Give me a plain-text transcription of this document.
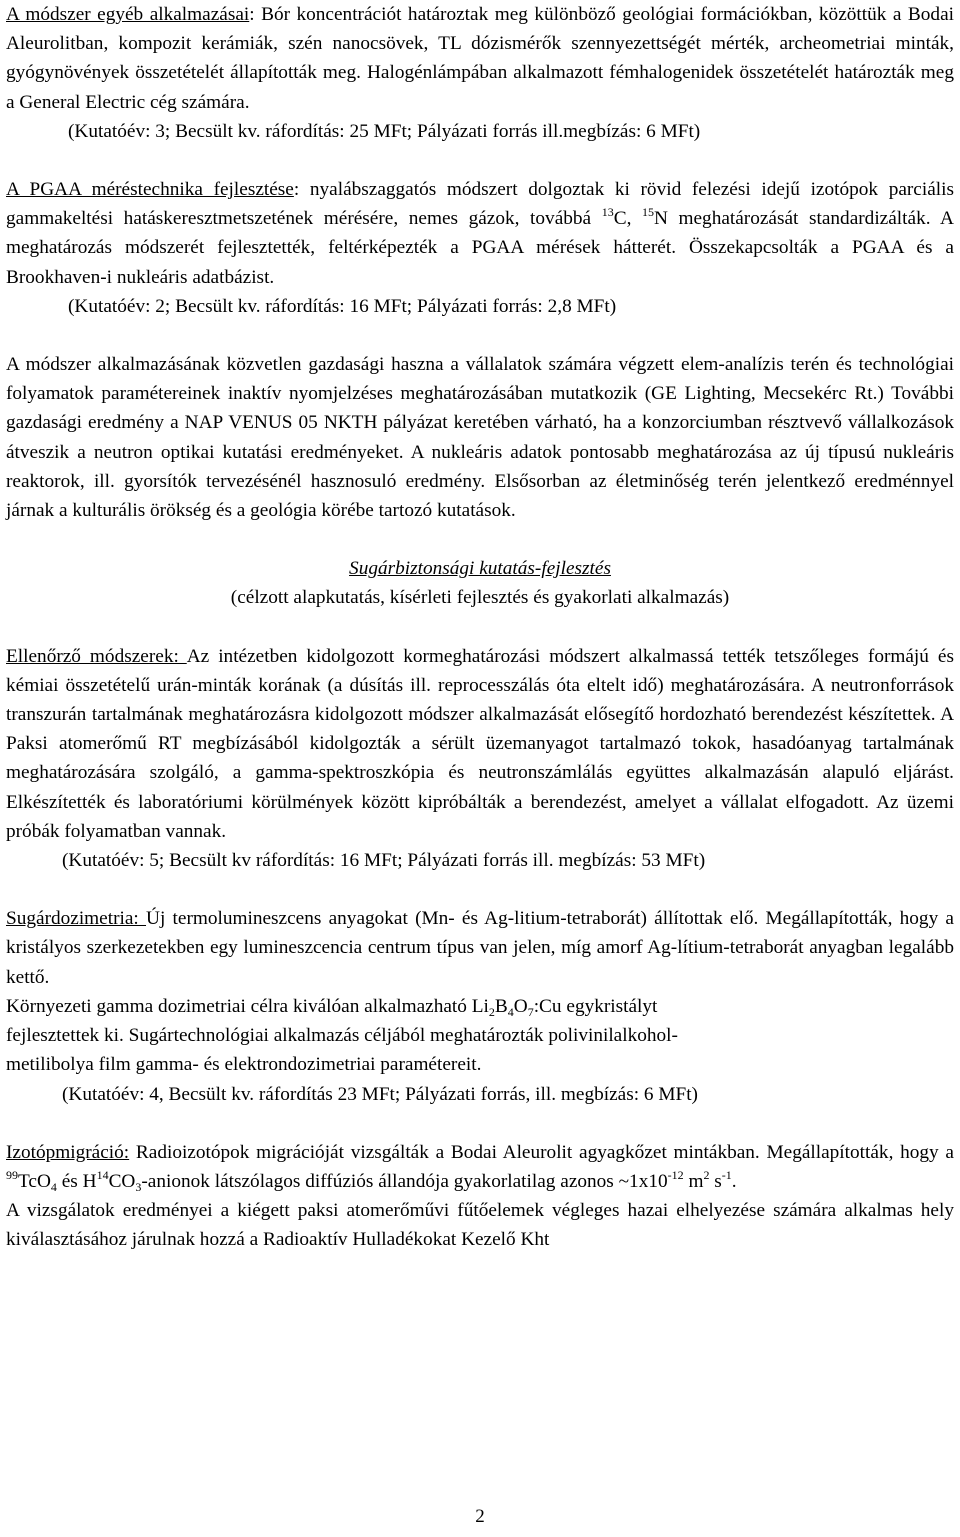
A módszer egyéb alkalmazásai: Bór koncentrációt határoztak meg különböző geológiai formációkban, közöttük a Bodai Aleurolitban, kompozit kerámiák, szén nanocsövek, TL dózismérők szennyezettségét mérték, archeometriai minták, gyógynövények összetételét állapították meg. Halogénlámpában alkalmazott fémhalogenidek összetételét határozták meg a General Electric cég számára.

(Kutatóév: 3; Becsült kv. ráfordítás: 25 MFt; Pályázati forrás ill.megbízás: 6 MFt)

A PGAA méréstechnika fejlesztése: nyalábszaggatós módszert dolgoztak ki rövid felezési idejű izotópok parciális gammakeltési hatáskeresztmetszetének mérésére, nemes gázok, továbbá $^{13}$C, $^{15}$N meghatározását standardizálták. A meghatározás módszerét fejlesztették, feltérképezték a PGAA mérések hátterét. Összekapcsolták a PGAA és a Brookhaven-i nukleáris adatbázist.

(Kutatóév: 2; Becsült kv. ráfordítás: 16 MFt; Pályázati forrás: 2,8 MFt)

A módszer alkalmazásának közvetlen gazdasági haszna a vállalatok számára végzett elem-analízis terén és technológiai folyamatok paramétereinek inaktív nyomjelzéses meghatározásában mutatkozik (GE Lighting, Mecsekérc Rt.) További gazdasági eredmény a NAP VENUS 05 NKTH pályázat keretében várható, ha a konzorciumban résztvevő vállalkozások átveszik a neutron optikai kutatási eredményeket. A nukleáris adatok pontosabb meghatározása az új típusú nukleáris reaktorok, ill. gyorsítók tervezésénél hasznosuló eredmény. Elsősorban az életminőség terén jelentkező eredménnyel járnak a kulturális örökség és a geológia körébe tartozó kutatások.

Sugárbiztonsági kutatás-fejlesztés

(célzott alapkutatás, kísérleti fejlesztés és gyakorlati alkalmazás)

Ellenőrző módszerek: Az intézetben kidolgozott kormeghatározási módszert alkalmassá tették tetszőleges formájú és kémiai összetételű urán-minták korának (a dúsítás ill. reprocesszálás óta eltelt idő) meghatározására. A neutronforrások transzurán tartalmának meghatározásra kidolgozott módszer alkalmazását elősegítő hordozható berendezést készítettek. A Paksi atomerőmű RT megbízásából kidolgozták a sérült üzemanyagot tartalmazó tokok, hasadóanyag tartalmának meghatározására szolgáló, a gamma-spektroszkópia és neutronszámlálás együttes alkalmazásán alapuló eljárást. Elkészítették és laboratóriumi körülmények között kipróbálták a berendezést, amelyet a vállalat elfogadott. Az üzemi próbák folyamatban vannak.

(Kutatóév: 5; Becsült kv ráfordítás: 16 MFt; Pályázati forrás ill. megbízás: 53 MFt)

Sugárdozimetria: Új termolumineszcens anyagokat (Mn- és Ag-litium-tetraborát) állítottak elő. Megállapították, hogy a kristályos szerkezetekben egy lumineszcencia centrum típus van jelen, míg amorf Ag-lítium-tetraborát anyagban legalább kettő.

Környezeti gamma dozimetriai célra kiválóan alkalmazható $Li_2B_4O_7:Cu$ egykristályt

fejlesztettek ki. Sugártechnológiai alkalmazás céljából meghatározták polivinilalkohol-

metilibolya film gamma- és elektrondozimetriai paramétereit.

(Kutatóév: 4, Becsült kv. ráfordítás 23 MFt; Pályázati forrás, ill. megbízás: 6 MFt)

Izotópmigráció: Radioizotópok migrációját vizsgálták a Bodai Aleurolit agyagkőzet mintákban. Megállapították, hogy a $^{99}$TcO$_4$ és $H^{14}CO_3$-anionok látszólagos diffúziós állandója gyakorlatilag azonos $\sim 1x10^{-12}$ $m^2$ $s^{-1}$.

A vizsgálatok eredményei a kiégett paksi atomerőművi fűtőelemek végleges hazai elhelyezése számára alkalmas hely kiválasztásához járulnak hozzá a Radioaktív Hulladékokat Kezelő Kht

2
